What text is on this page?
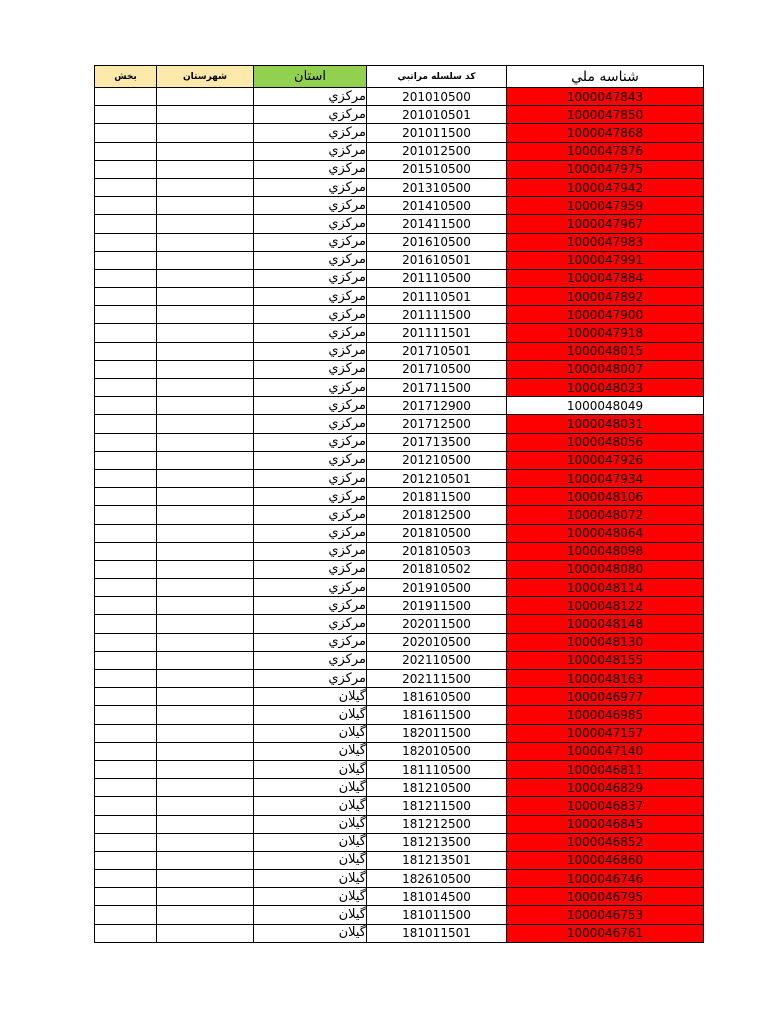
بخش	شهرستان	استان	كد سلسله مراتبي	شناسه ملي
		مركزي	201010500	1000047843
		مركزي	201010501	1000047850
		مركزي	201011500	1000047868
		مركزي	201012500	1000047876
		مركزي	201510500	1000047975
		مركزي	201310500	1000047942
		مركزي	201410500	1000047959
		مركزي	201411500	1000047967
		مركزي	201610500	1000047983
		مركزي	201610501	1000047991
		مركزي	201110500	1000047884
		مركزي	201110501	1000047892
		مركزي	201111500	1000047900
		مركزي	201111501	1000047918
		مركزي	201710501	1000048015
		مركزي	201710500	1000048007
		مركزي	201711500	1000048023
		مركزي	201712900	1000048049
		مركزي	201712500	1000048031
		مركزي	201713500	1000048056
		مركزي	201210500	1000047926
		مركزي	201210501	1000047934
		مركزي	201811500	1000048106
		مركزي	201812500	1000048072
		مركزي	201810500	1000048064
		مركزي	201810503	1000048098
		مركزي	201810502	1000048080
		مركزي	201910500	1000048114
		مركزي	201911500	1000048122
		مركزي	202011500	1000048148
		مركزي	202010500	1000048130
		مركزي	202110500	1000048155
		مركزي	202111500	1000048163
		گيلان	181610500	1000046977
		گيلان	181611500	1000046985
		گيلان	182011500	1000047157
		گيلان	182010500	1000047140
		گيلان	181110500	1000046811
		گيلان	181210500	1000046829
		گيلان	181211500	1000046837
		گيلان	181212500	1000046845
		گيلان	181213500	1000046852
		گيلان	181213501	1000046860
		گيلان	182610500	1000046746
		گيلان	181014500	1000046795
		گيلان	181011500	1000046753
		گيلان	181011501	1000046761
